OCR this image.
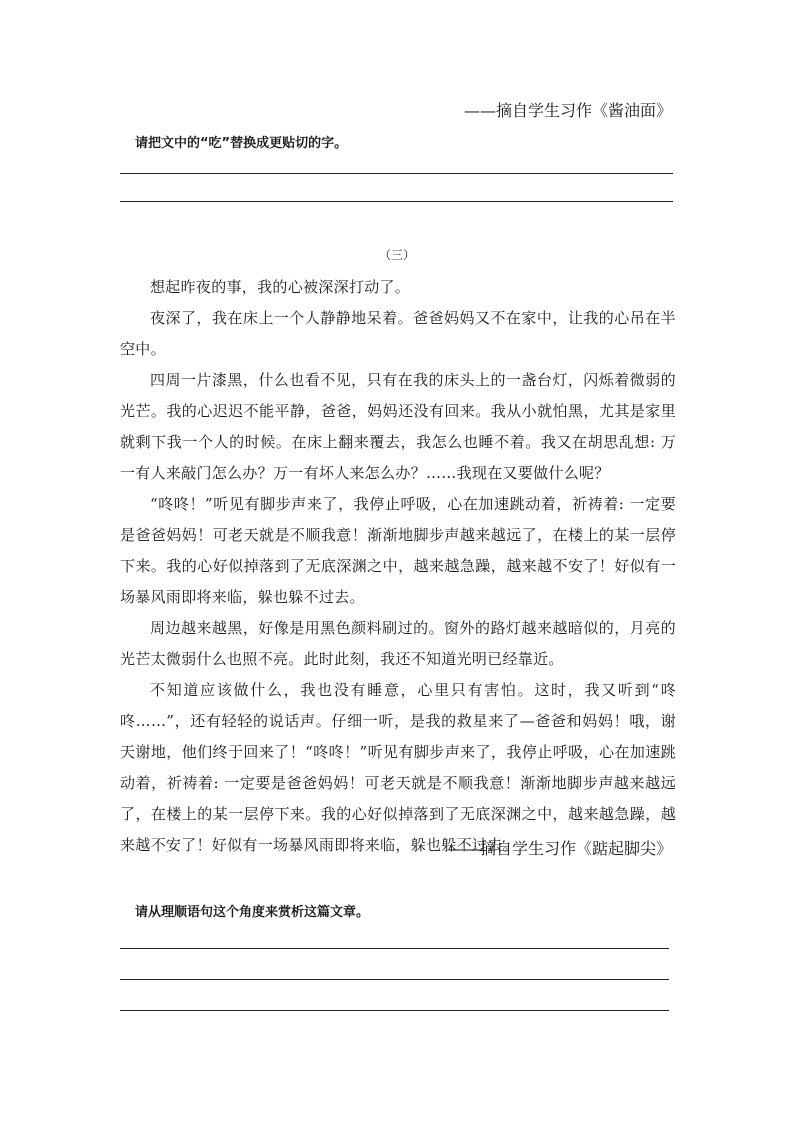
——摘自学生习作《酱油面》
请把文中的“吃”替换成更贴切的字。
（三）

想起昨夜的事，我的心被深深打动了。

夜深了，我在床上一个人静静地呆着。爸爸妈妈又不在家中，让我的心吊在半空中。

四周一片漆黑，什么也看不见，只有在我的床头上的一盏台灯，闪烁着微弱的光芒。我的心迟迟不能平静，爸爸，妈妈还没有回来。我从小就怕黑，尤其是家里就剩下我一个人的时候。在床上翻来覆去，我怎么也睡不着。我又在胡思乱想: 万一有人来敲门怎么办？万一有坏人来怎么办？……我现在又要做什么呢？

“咚咚！”听见有脚步声来了，我停止呼吸，心在加速跳动着，祈祷着: 一定要是爸爸妈妈！可老天就是不顺我意！渐渐地脚步声越来越远了，在楼上的某一层停下来。我的心好似掉落到了无底深渊之中，越来越急躁，越来越不安了！好似有一场暴风雨即将来临，躲也躲不过去。

周边越来越黑，好像是用黑色颜料刷过的。窗外的路灯越来越暗似的，月亮的光芒太微弱什么也照不亮。此时此刻，我还不知道光明已经靠近。

不知道应该做什么，我也没有睡意，心里只有害怕。这时，我又听到“咚咚……”，还有轻轻的说话声。仔细一听，是我的救星来了—爸爸和妈妈！哦，谢天谢地，他们终于回来了！“咚咚！”听见有脚步声来了，我停止呼吸，心在加速跳动着，祈祷着: 一定要是爸爸妈妈！可老天就是不顺我意！渐渐地脚步声越来越远了，在楼上的某一层停下来。我的心好似掉落到了无底深渊之中，越来越急躁，越来越不安了！好似有一场暴风雨即将来临，躲也躲不过去。

——摘自学生习作《踮起脚尖》
请从理顺语句这个角度来赏析这篇文章。
